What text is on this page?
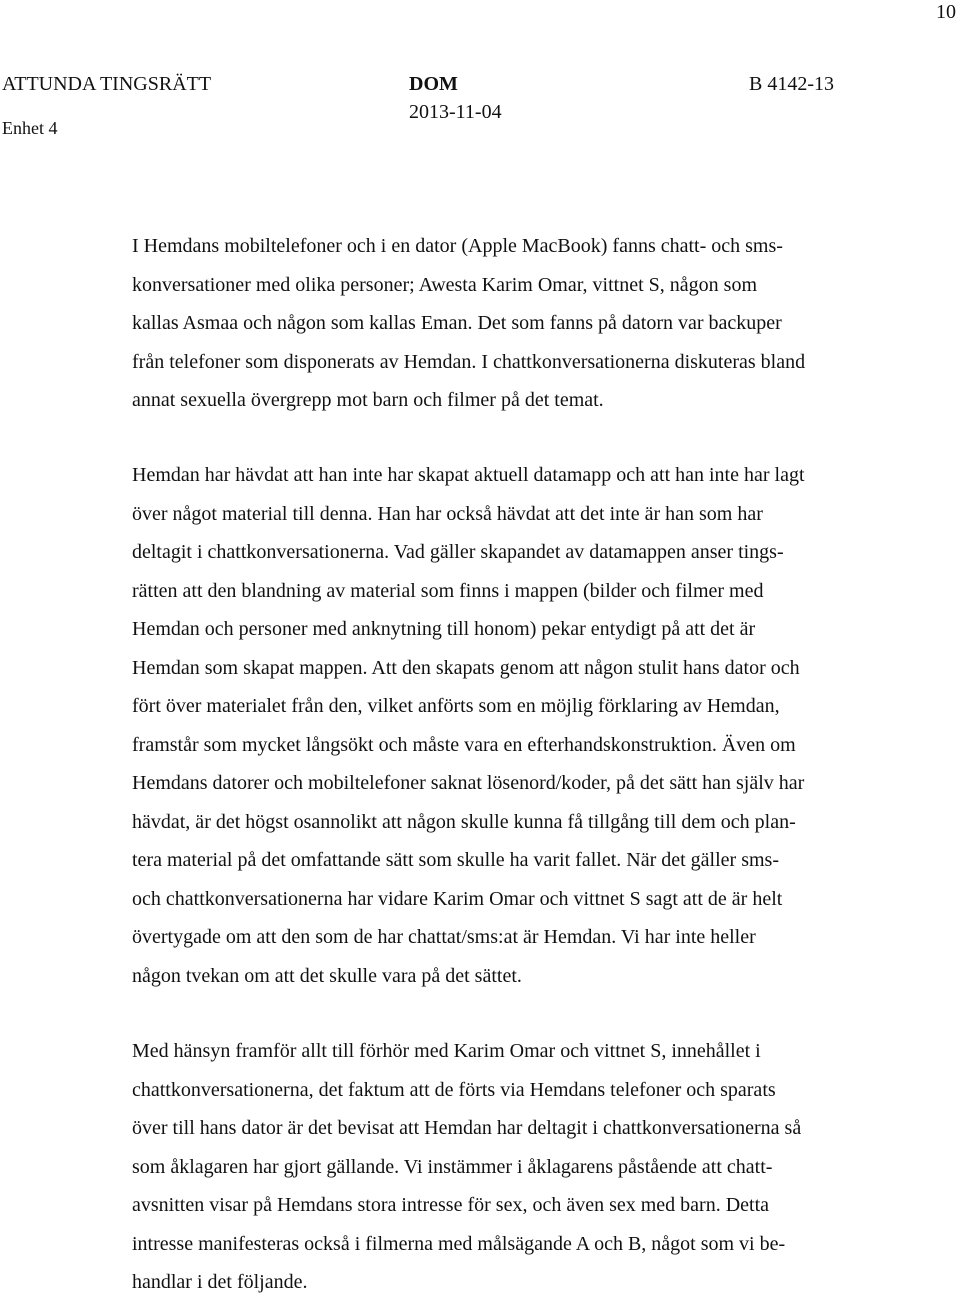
10
ATTUNDA TINGSRÄTT
Enhet 4
DOM
2013-11-04
B 4142-13
I Hemdans mobiltelefoner och i en dator (Apple MacBook) fanns chatt- och sms-
konversationer med olika personer; Awesta Karim Omar, vittnet S, någon som
kallas Asmaa och någon som kallas Eman. Det som fanns på datorn var backuper
från telefoner som disponerats av Hemdan. I chattkonversationerna diskuteras bland
annat sexuella övergrepp mot barn och filmer på det temat.
Hemdan har hävdat att han inte har skapat aktuell datamapp och att han inte har lagt
över något material till denna. Han har också hävdat att det inte är han som har
deltagit i chattkonversationerna. Vad gäller skapandet av datamappen anser tings-
rätten att den blandning av material som finns i mappen (bilder och filmer med
Hemdan och personer med anknytning till honom) pekar entydigt på att det är
Hemdan som skapat mappen. Att den skapats genom att någon stulit hans dator och
fört över materialet från den, vilket anförts som en möjlig förklaring av Hemdan,
framstår som mycket långsökt och måste vara en efterhandskonstruktion. Även om
Hemdans datorer och mobiltelefoner saknat lösenord/koder, på det sätt han själv har
hävdat, är det högst osannolikt att någon skulle kunna få tillgång till dem och plan-
tera material på det omfattande sätt som skulle ha varit fallet. När det gäller sms-
och chattkonversationerna har vidare Karim Omar och vittnet S sagt att de är helt
övertygade om att den som de har chattat/sms:at är Hemdan. Vi har inte heller
någon tvekan om att det skulle vara på det sättet.
Med hänsyn framför allt till förhör med Karim Omar och vittnet S, innehållet i
chattkonversationerna, det faktum att de förts via Hemdans telefoner och sparats
över till hans dator är det bevisat att Hemdan har deltagit i chattkonversationerna så
som åklagaren har gjort gällande. Vi instämmer i åklagarens påstående att chatt-
avsnitten visar på Hemdans stora intresse för sex, och även sex med barn. Detta
intresse manifesteras också i filmerna med målsägande A och B, något som vi be-
handlar i det följande.
